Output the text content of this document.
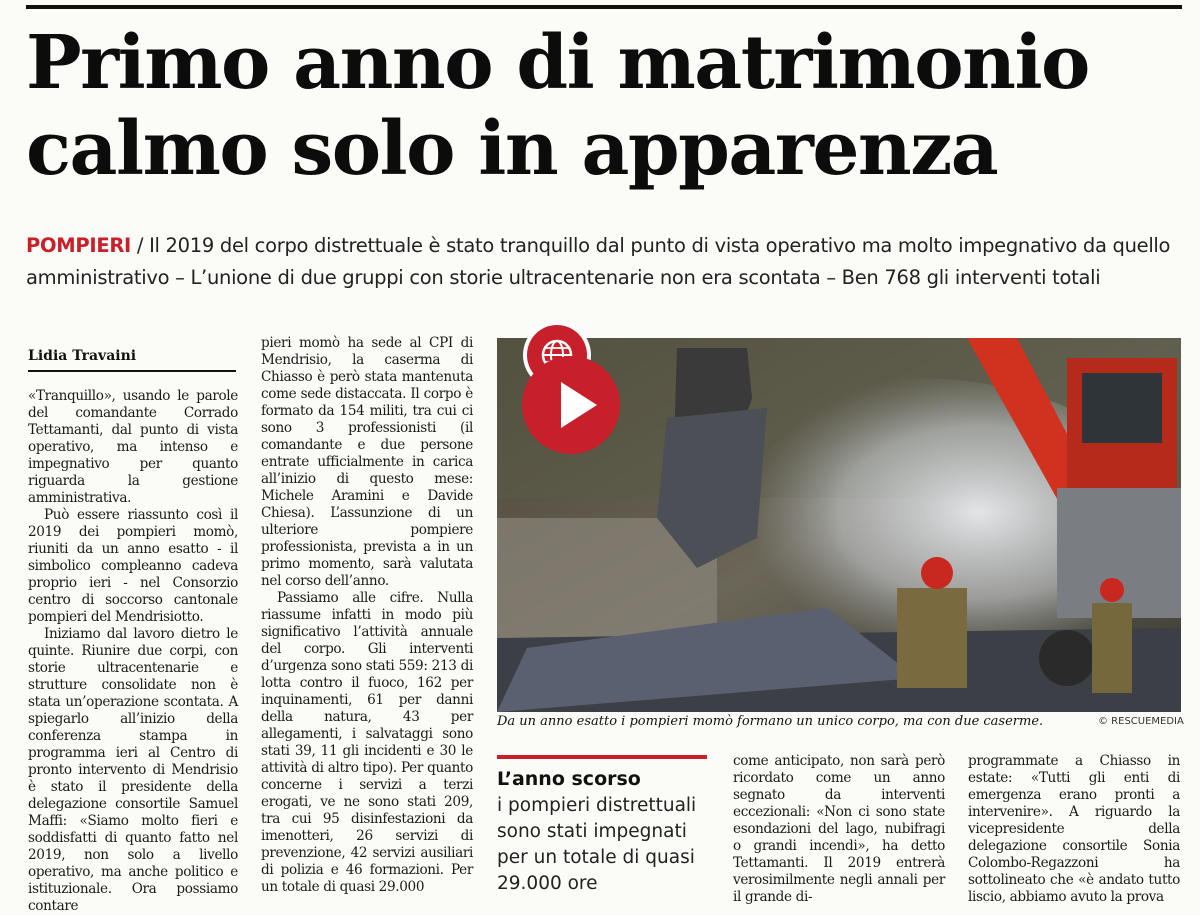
Primo anno di matrimonio
calmo solo in apparenza
POMPIERI / Il 2019 del corpo distrettuale è stato tranquillo dal punto di vista operativo ma molto impegnativo da quello amministrativo – L’unione di due gruppi con storie ultracentenarie non era scontata – Ben 768 gli interventi totali
Lidia Travaini

«Tranquillo», usando le parole del comandante Corrado Tettamanti, dal punto di vista operativo, ma intenso e impegnativo per quanto riguarda la gestione amministrativa.

Può essere riassunto così il 2019 dei pompieri momò, riuniti da un anno esatto - il simbolico compleanno cadeva proprio ieri - nel Consorzio centro di soccorso cantonale pompieri del Mendrisiotto.

Iniziamo dal lavoro dietro le quinte. Riunire due corpi, con storie ultracentenarie e strutture consolidate non è stata un’operazione scontata. A spiegarlo all’inizio della conferenza stampa in programma ieri al Centro di pronto intervento di Mendrisio è stato il presidente della delegazione consortile Samuel Maffi: «Siamo molto fieri e soddisfatti di quanto fatto nel 2019, non solo a livello operativo, ma anche politico e istituzionale. Ora possiamo contare

pieri momò ha sede al CPI di Mendrisio, la caserma di Chiasso è però stata mantenuta come sede distaccata. Il corpo è formato da 154 militi, tra cui ci sono 3 professionisti (il comandante e due persone entrate ufficialmente in carica all’inizio di questo mese: Michele Aramini e Davide Chiesa). L’assunzione di un ulteriore pompiere professionista, prevista a in un primo momento, sarà valutata nel corso dell’anno.

Passiamo alle cifre. Nulla riassume infatti in modo più significativo l’attività annuale del corpo. Gli interventi d’urgenza sono stati 559: 213 di lotta contro il fuoco, 162 per inquinamenti, 61 per danni della natura, 43 per allegamenti, i salvataggi sono stati 39, 11 gli incidenti e 30 le attività di altro tipo). Per quanto concerne i servizi a terzi erogati, ve ne sono stati 209, tra cui 95 disinfestazioni da imenotteri, 26 servizi di prevenzione, 42 servizi ausiliari di polizia e 46 formazioni. Per un totale di quasi 29.000

Da un anno esatto i pompieri momò formano un unico corpo, ma con due caserme.	© RESCUEMEDIA
L’anno scorso
i pompieri distrettuali sono stati impegnati per un totale di quasi 29.000 ore

come anticipato, non sarà però ricordato come un anno segnato da interventi eccezionali: «Non ci sono state esondazioni del lago, nubifragi o grandi incendi», ha detto Tettamanti. Il 2019 entrerà verosimilmente negli annali per il grande di-

programmate a Chiasso in estate: «Tutti gli enti di emergenza erano pronti a intervenire». A riguardo la vicepresidente della delegazione consortile Sonia Colombo-Regazzoni ha sottolineato che «è andato tutto liscio, abbiamo avuto la prova
